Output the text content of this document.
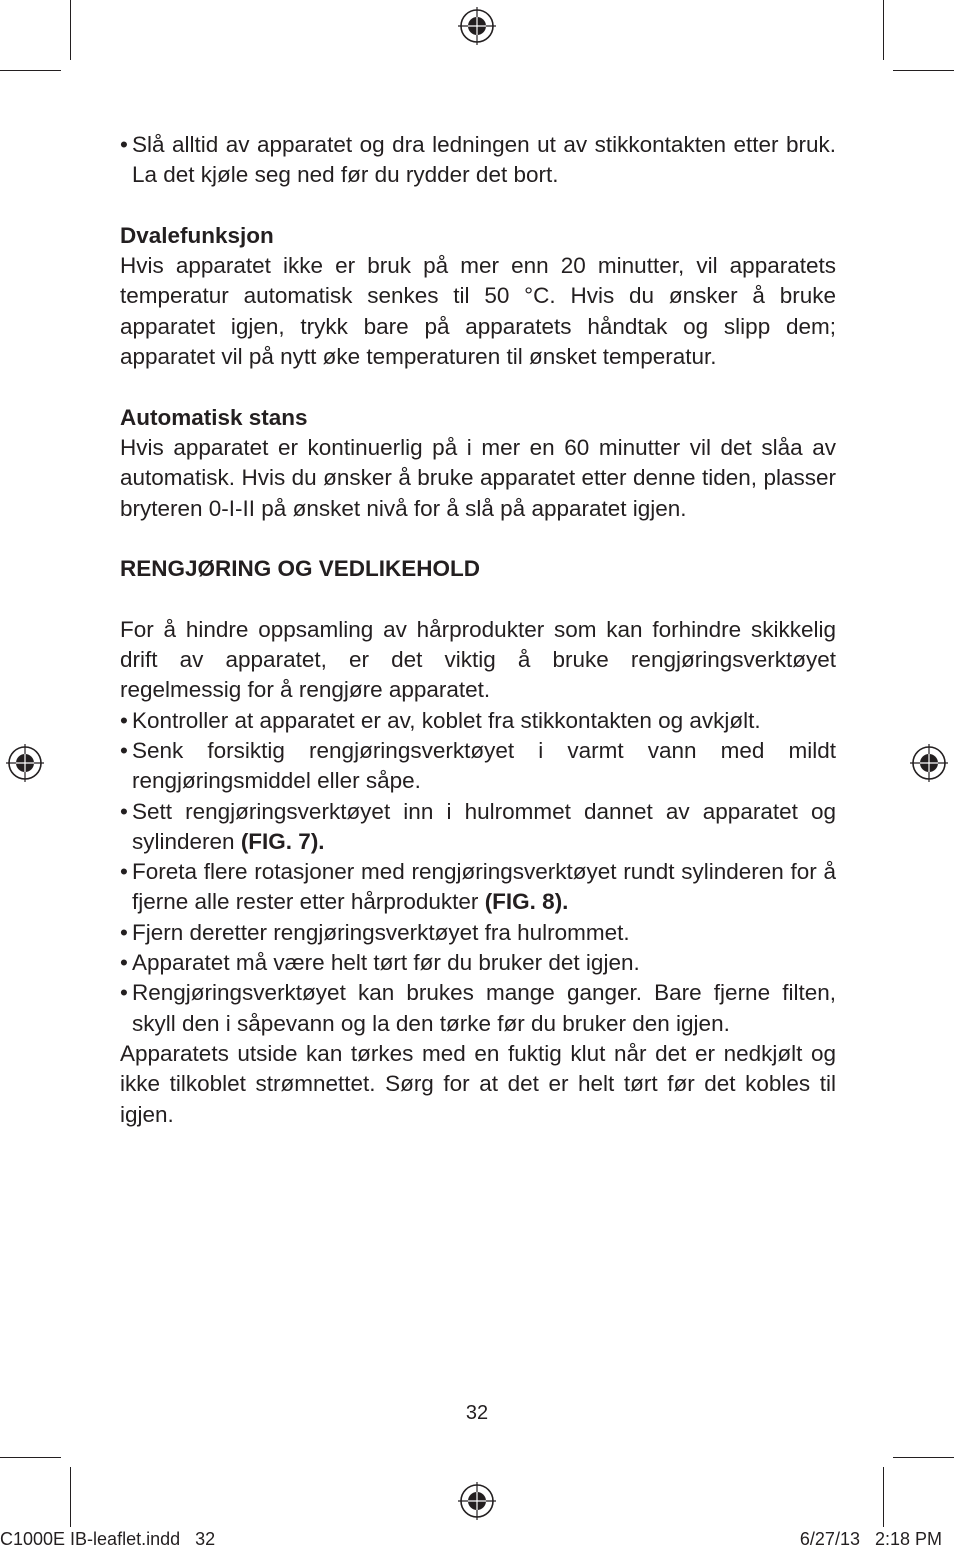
• Slå alltid av apparatet og dra ledningen ut av stikkontakten etter bruk. La det kjøle seg ned før du rydder det bort.

Dvalefunksjon

Hvis apparatet ikke er bruk på mer enn 20 minutter, vil apparatets temperatur automatisk senkes til 50 °C. Hvis du ønsker å bruke apparatet igjen, trykk bare på apparatets håndtak og slipp dem; apparatet vil på nytt øke temperaturen til ønsket temperatur.

Automatisk stans

Hvis apparatet er kontinuerlig på i mer en 60 minutter vil det slåa av automatisk. Hvis du ønsker å bruke apparatet etter denne tiden, plasser bryteren 0-I-II på ønsket nivå for å slå på apparatet igjen.

RENGJØRING OG VEDLIKEHOLD

For å hindre oppsamling av hårprodukter som kan forhindre skikkelig drift av apparatet, er det viktig å bruke rengjøringsverktøyet regelmessig for å rengjøre apparatet.

• Kontroller at apparatet er av, koblet fra stikkontakten og avkjølt.

• Senk forsiktig rengjøringsverktøyet i varmt vann med mildt rengjøringsmiddel eller såpe.

• Sett rengjøringsverktøyet inn i hulrommet dannet av apparatet og sylinderen (FIG. 7).

• Foreta flere rotasjoner med rengjøringsverktøyet rundt sylinderen for å fjerne alle rester etter hårprodukter (FIG. 8).

• Fjern deretter rengjøringsverktøyet fra hulrommet.

• Apparatet må være helt tørt før du bruker det igjen.

• Rengjøringsverktøyet kan brukes mange ganger. Bare fjerne filten, skyll den i såpevann og la den tørke før du bruker den igjen.

Apparatets utside kan tørkes med en fuktig klut når det er nedkjølt og ikke tilkoblet strømnettet. Sørg for at det er helt tørt før det kobles til igjen.

32
C1000E IB-leaflet.indd   32	6/27/13   2:18 PM
